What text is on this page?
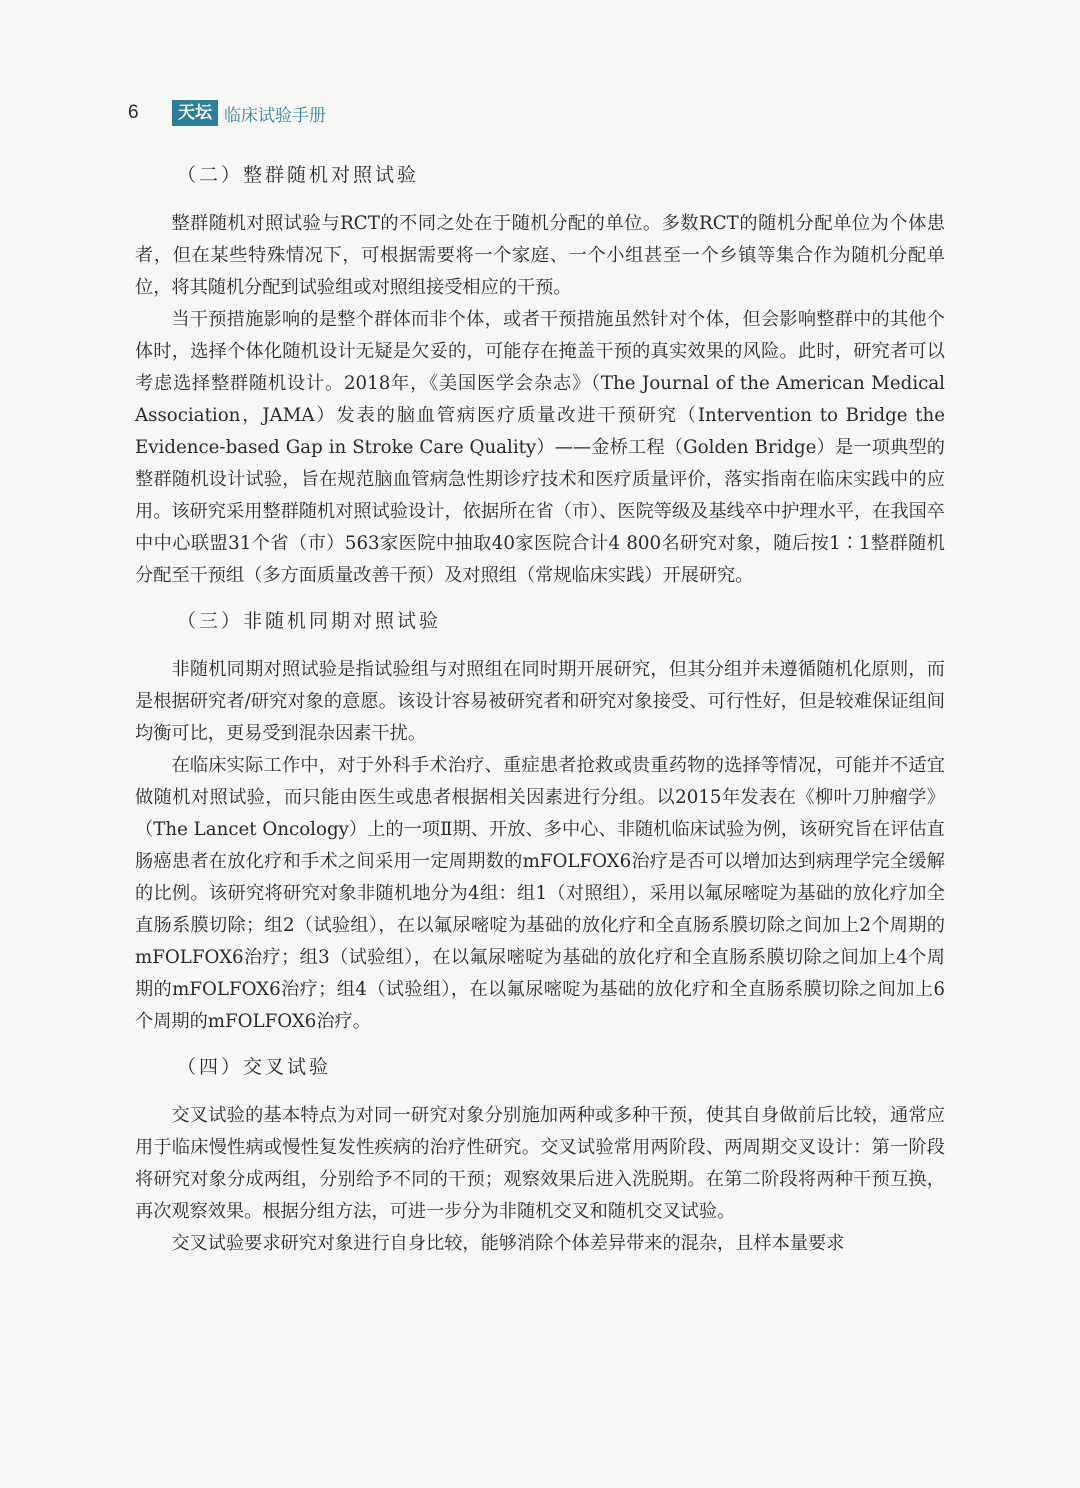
6	天坛 临床试验手册
（二）整群随机对照试验

整群随机对照试验与RCT的不同之处在于随机分配的单位。多数RCT的随机分配单位为个体患者，但在某些特殊情况下，可根据需要将一个家庭、一个小组甚至一个乡镇等集合作为随机分配单位，将其随机分配到试验组或对照组接受相应的干预。

当干预措施影响的是整个群体而非个体，或者干预措施虽然针对个体，但会影响整群中的其他个体时，选择个体化随机设计无疑是欠妥的，可能存在掩盖干预的真实效果的风险。此时，研究者可以考虑选择整群随机设计。2018年，《美国医学会杂志》（The Journal of the American Medical Association，JAMA）发表的脑血管病医疗质量改进干预研究（Intervention to Bridge the Evidence-based Gap in Stroke Care Quality）——金桥工程（Golden Bridge）是一项典型的整群随机设计试验，旨在规范脑血管病急性期诊疗技术和医疗质量评价，落实指南在临床实践中的应用。该研究采用整群随机对照试验设计，依据所在省（市）、医院等级及基线卒中护理水平，在我国卒中中心联盟31个省（市）563家医院中抽取40家医院合计4 800名研究对象，随后按1∶1整群随机分配至干预组（多方面质量改善干预）及对照组（常规临床实践）开展研究。

（三）非随机同期对照试验

非随机同期对照试验是指试验组与对照组在同时期开展研究，但其分组并未遵循随机化原则，而是根据研究者/研究对象的意愿。该设计容易被研究者和研究对象接受、可行性好，但是较难保证组间均衡可比，更易受到混杂因素干扰。

在临床实际工作中，对于外科手术治疗、重症患者抢救或贵重药物的选择等情况，可能并不适宜做随机对照试验，而只能由医生或患者根据相关因素进行分组。以2015年发表在《柳叶刀肿瘤学》（The Lancet Oncology）上的一项Ⅱ期、开放、多中心、非随机临床试验为例，该研究旨在评估直肠癌患者在放化疗和手术之间采用一定周期数的mFOLFOX6治疗是否可以增加达到病理学完全缓解的比例。该研究将研究对象非随机地分为4组：组1（对照组），采用以氟尿嘧啶为基础的放化疗加全直肠系膜切除；组2（试验组），在以氟尿嘧啶为基础的放化疗和全直肠系膜切除之间加上2个周期的mFOLFOX6治疗；组3（试验组），在以氟尿嘧啶为基础的放化疗和全直肠系膜切除之间加上4个周期的mFOLFOX6治疗；组4（试验组），在以氟尿嘧啶为基础的放化疗和全直肠系膜切除之间加上6个周期的mFOLFOX6治疗。

（四）交叉试验

交叉试验的基本特点为对同一研究对象分别施加两种或多种干预，使其自身做前后比较，通常应用于临床慢性病或慢性复发性疾病的治疗性研究。交叉试验常用两阶段、两周期交叉设计：第一阶段将研究对象分成两组，分别给予不同的干预；观察效果后进入洗脱期。在第二阶段将两种干预互换，再次观察效果。根据分组方法，可进一步分为非随机交叉和随机交叉试验。

交叉试验要求研究对象进行自身比较，能够消除个体差异带来的混杂，且样本量要求
